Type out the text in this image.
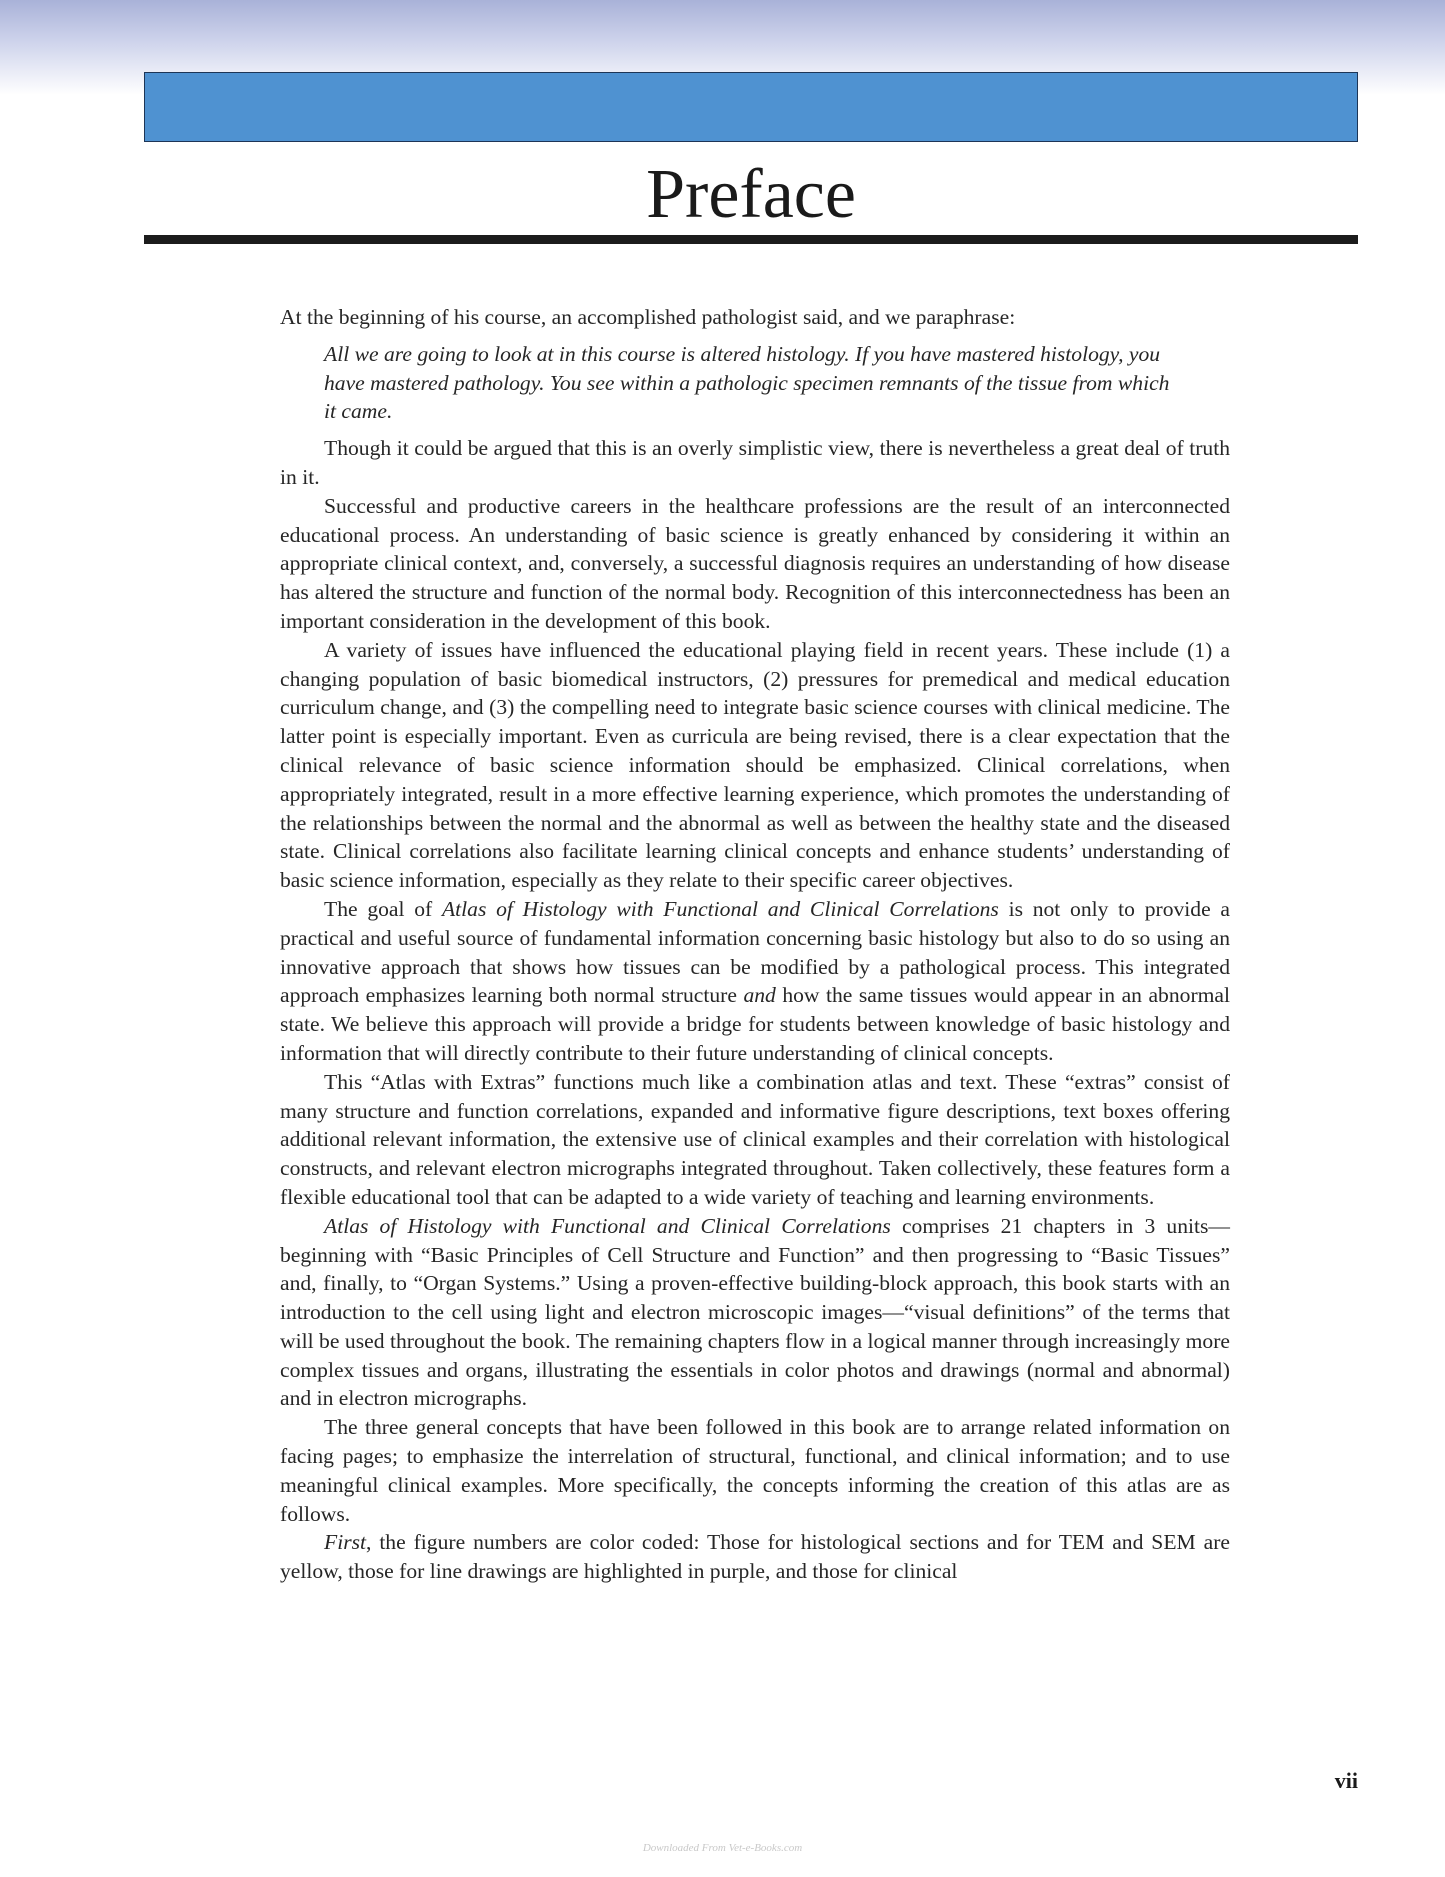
Preface

At the beginning of his course, an accomplished pathologist said, and we paraphrase:

All we are going to look at in this course is altered histology. If you have mastered histology, you have mastered pathology. You see within a pathologic specimen remnants of the tissue from which it came.

Though it could be argued that this is an overly simplistic view, there is nevertheless a great deal of truth in it.

Successful and productive careers in the healthcare professions are the result of an interconnected educational process. An understanding of basic science is greatly enhanced by considering it within an appropriate clinical context, and, conversely, a successful diagnosis requires an understanding of how disease has altered the structure and function of the normal body. Recognition of this interconnectedness has been an important consideration in the development of this book.

A variety of issues have influenced the educational playing field in recent years. These include (1) a changing population of basic biomedical instructors, (2) pressures for premedical and medical education curriculum change, and (3) the compelling need to integrate basic science courses with clinical medicine. The latter point is especially important. Even as curricula are being revised, there is a clear expectation that the clinical relevance of basic science information should be emphasized. Clinical correlations, when appropriately integrated, result in a more effective learning experience, which promotes the understanding of the relationships between the normal and the abnormal as well as between the healthy state and the diseased state. Clinical correlations also facilitate learning clinical concepts and enhance students’ understanding of basic science information, especially as they relate to their specific career objectives.

The goal of Atlas of Histology with Functional and Clinical Correlations is not only to provide a practical and useful source of fundamental information concerning basic histology but also to do so using an innovative approach that shows how tissues can be modified by a pathological process. This integrated approach emphasizes learning both normal structure and how the same tissues would appear in an abnormal state. We believe this approach will provide a bridge for students between knowledge of basic histology and information that will directly contribute to their future understanding of clinical concepts.

This “Atlas with Extras” functions much like a combination atlas and text. These “extras” consist of many structure and function correlations, expanded and informative figure descriptions, text boxes offering additional relevant information, the extensive use of clinical examples and their correlation with histological constructs, and relevant electron micrographs integrated throughout. Taken collectively, these features form a flexible educational tool that can be adapted to a wide variety of teaching and learning environments.

Atlas of Histology with Functional and Clinical Correlations comprises 21 chapters in 3 units—beginning with “Basic Principles of Cell Structure and Function” and then progressing to “Basic Tissues” and, finally, to “Organ Systems.” Using a proven-effective building-block approach, this book starts with an introduction to the cell using light and electron microscopic images—“visual definitions” of the terms that will be used throughout the book. The remaining chapters flow in a logical manner through increasingly more complex tissues and organs, illustrating the essentials in color photos and drawings (normal and abnormal) and in electron micrographs.

The three general concepts that have been followed in this book are to arrange related information on facing pages; to emphasize the interrelation of structural, functional, and clinical information; and to use meaningful clinical examples. More specifically, the concepts informing the creation of this atlas are as follows.

First, the figure numbers are color coded: Those for histological sections and for TEM and SEM are yellow, those for line drawings are highlighted in purple, and those for clinical

vii
Downloaded From Vet-e-Books.com
